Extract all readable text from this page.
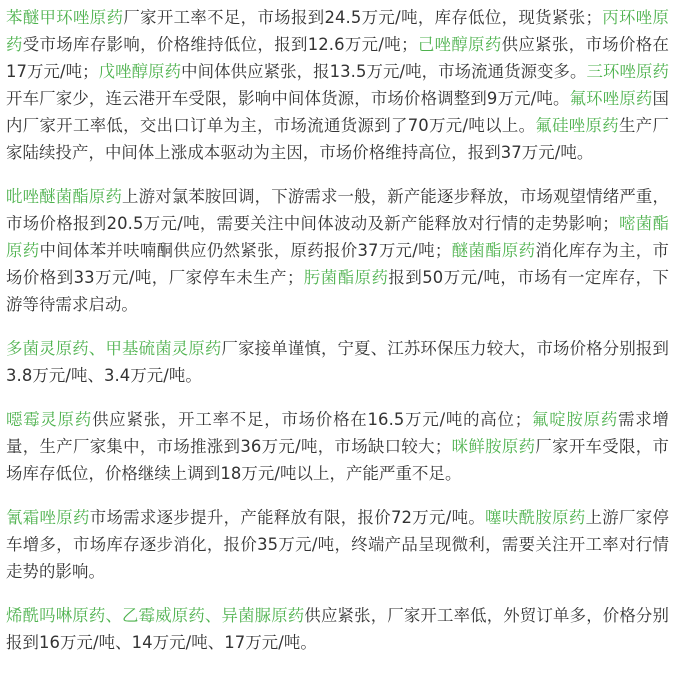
苯醚甲环唑原药厂家开工率不足，市场报到24.5万元/吨，库存低位，现货紧张；丙环唑原药受市场库存影响，价格维持低位，报到12.6万元/吨；己唑醇原药供应紧张，市场价格在17万元/吨；戊唑醇原药中间体供应紧张，报13.5万元/吨，市场流通货源变多。三环唑原药开车厂家少，连云港开车受限，影响中间体货源，市场价格调整到9万元/吨。氟环唑原药国内厂家开工率低，交出口订单为主，市场流通货源到了70万元/吨以上。氟硅唑原药生产厂家陆续投产，中间体上涨成本驱动为主因，市场价格维持高位，报到37万元/吨。

吡唑醚菌酯原药上游对氯苯胺回调，下游需求一般，新产能逐步释放，市场观望情绪严重，市场价格报到20.5万元/吨，需要关注中间体波动及新产能释放对行情的走势影响；嘧菌酯原药中间体苯并呋喃酮供应仍然紧张，原药报价37万元/吨；醚菌酯原药消化库存为主，市场价格到33万元/吨，厂家停车未生产；肟菌酯原药报到50万元/吨，市场有一定库存，下游等待需求启动。

多菌灵原药、甲基硫菌灵原药厂家接单谨慎，宁夏、江苏环保压力较大，市场价格分别报到3.8万元/吨、3.4万元/吨。

噁霉灵原药供应紧张，开工率不足，市场价格在16.5万元/吨的高位；氟啶胺原药需求增量，生产厂家集中，市场推涨到36万元/吨，市场缺口较大；咪鲜胺原药厂家开车受限，市场库存低位，价格继续上调到18万元/吨以上，产能严重不足。

氰霜唑原药市场需求逐步提升，产能释放有限，报价72万元/吨。噻呋酰胺原药上游厂家停车增多，市场库存逐步消化，报价35万元/吨，终端产品呈现微利，需要关注开工率对行情走势的影响。

烯酰吗啉原药、乙霉威原药、异菌脲原药供应紧张，厂家开工率低，外贸订单多，价格分别报到16万元/吨、14万元/吨、17万元/吨。
